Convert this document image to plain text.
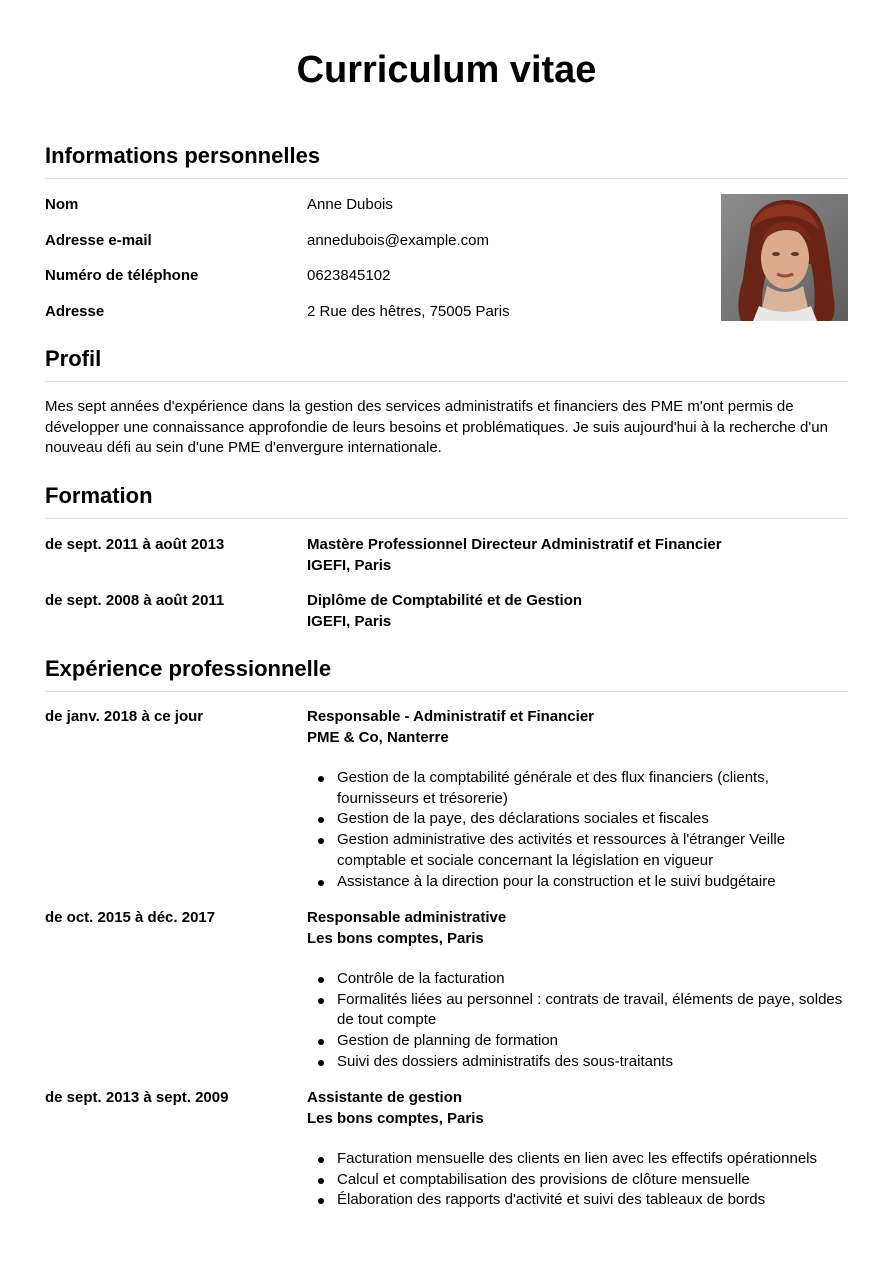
Curriculum vitae
Informations personnelles
Nom	Anne Dubois
Adresse e-mail	annedubois@example.com
Numéro de téléphone	0623845102
Adresse	2 Rue des hêtres, 75005 Paris
Profil

Mes sept années d'expérience dans la gestion des services administratifs et financiers des PME m'ont permis de développer une connaissance approfondie de leurs besoins et problématiques. Je suis aujourd'hui à la recherche d'un nouveau défi au sein d'une PME d'envergure internationale.

Formation
de sept. 2011 à août 2013	Mastère Professionnel Directeur Administratif et Financier
IGEFI, Paris
de sept. 2008 à août 2011	Diplôme de Comptabilité et de Gestion
IGEFI, Paris
Expérience professionnelle
de janv. 2018 à ce jour	Responsable - Administratif et Financier
PME & Co, Nanterre
Gestion de la comptabilité générale et des flux financiers (clients, fournisseurs et trésorerie)
Gestion de la paye, des déclarations sociales et fiscales
Gestion administrative des activités et ressources à l'étranger Veille comptable et sociale concernant la législation en vigueur
Assistance à la direction pour la construction et le suivi budgétaire
de oct. 2015 à déc. 2017	Responsable administrative
Les bons comptes, Paris
Contrôle de la facturation
Formalités liées au personnel : contrats de travail, éléments de paye, soldes de tout compte
Gestion de planning de formation
Suivi des dossiers administratifs des sous-traitants
de sept. 2013 à sept. 2009	Assistante de gestion
Les bons comptes, Paris
Facturation mensuelle des clients en lien avec les effectifs opérationnels
Calcul et comptabilisation des provisions de clôture mensuelle
Élaboration des rapports d'activité et suivi des tableaux de bords
